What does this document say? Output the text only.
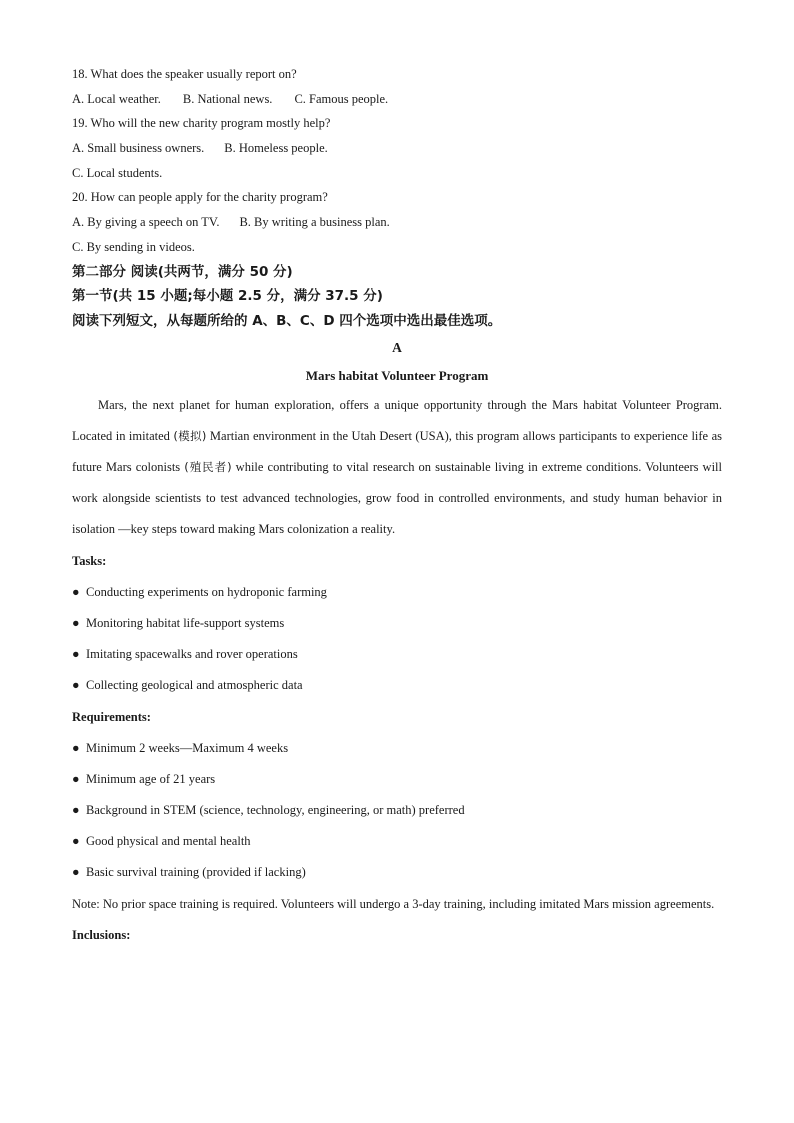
18. What does the speaker usually report on?
A. Local weather. B. National news. C. Famous people.
19. Who will the new charity program mostly help?
A. Small business owners. B. Homeless people.
C. Local students.
20. How can people apply for the charity program?
A. By giving a speech on TV. B. By writing a business plan.
C. By sending in videos.
第二部分 阅读(共两节，满分 50 分)
第一节(共 15 小题;每小题 2.5 分，满分 37.5 分)
阅读下列短文，从每题所给的 A、B、C、D 四个选项中选出最佳选项。
A
Mars habitat Volunteer Program

Mars, the next planet for human exploration, offers a unique opportunity through the Mars habitat Volunteer Program. Located in imitated (模拟) Martian environment in the Utah Desert (USA), this program allows participants to experience life as future Mars colonists (殖民者) while contributing to vital research on sustainable living in extreme conditions. Volunteers will work alongside scientists to test advanced technologies, grow food in controlled environments, and study human behavior in isolation —key steps toward making Mars colonization a reality.

Tasks:
● Conducting experiments on hydroponic farming
● Monitoring habitat life-support systems
● Imitating spacewalks and rover operations
● Collecting geological and atmospheric data
Requirements:
● Minimum 2 weeks—Maximum 4 weeks
● Minimum age of 21 years
● Background in STEM (science, technology, engineering, or math) preferred
● Good physical and mental health
● Basic survival training (provided if lacking)

Note: No prior space training is required. Volunteers will undergo a 3-day training, including imitated Mars mission agreements.

Inclusions:
